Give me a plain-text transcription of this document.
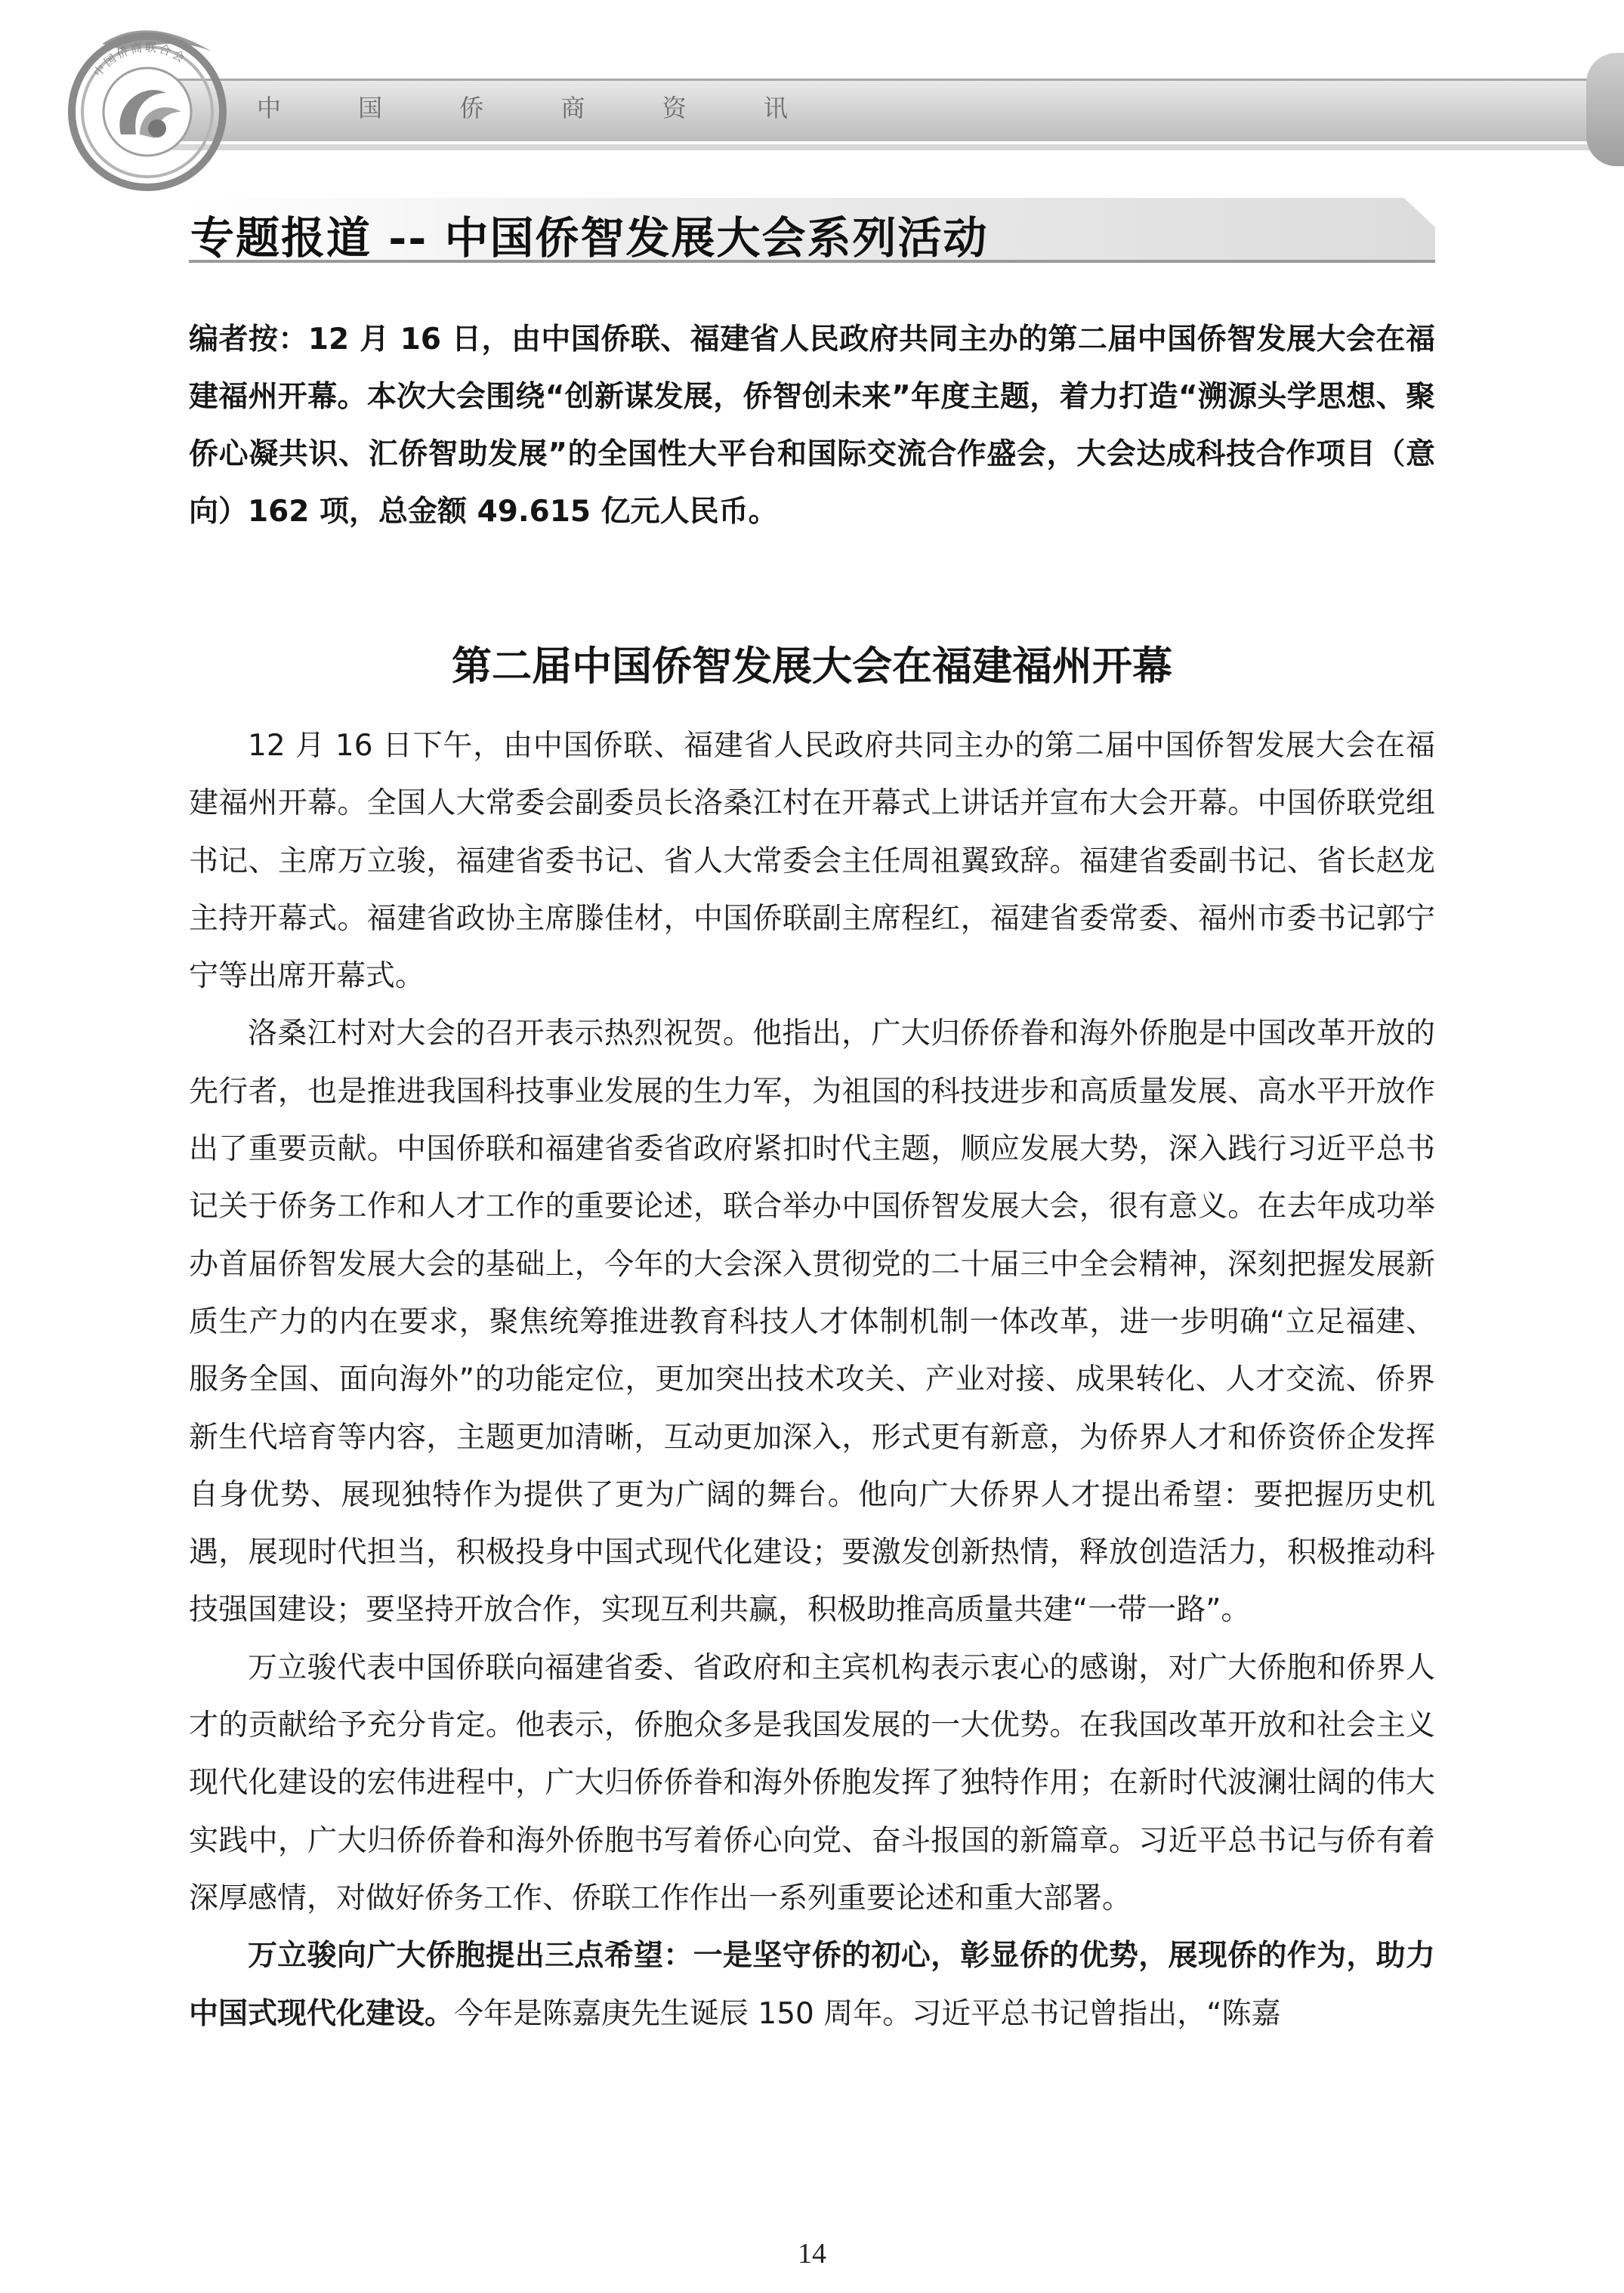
中 国 侨 商 资 讯
中国侨商联合会
专题报道 -- 中国侨智发展大会系列活动
编者按：12 月 16 日，由中国侨联、福建省人民政府共同主办的第二届中国侨智发展大会在福建福州开幕。本次大会围绕“创新谋发展，侨智创未来”年度主题，着力打造“溯源头学思想、聚侨心凝共识、汇侨智助发展”的全国性大平台和国际交流合作盛会，大会达成科技合作项目（意向）162 项，总金额 49.615 亿元人民币。
第二届中国侨智发展大会在福建福州开幕

12 月 16 日下午，由中国侨联、福建省人民政府共同主办的第二届中国侨智发展大会在福建福州开幕。全国人大常委会副委员长洛桑江村在开幕式上讲话并宣布大会开幕。中国侨联党组书记、主席万立骏，福建省委书记、省人大常委会主任周祖翼致辞。福建省委副书记、省长赵龙主持开幕式。福建省政协主席滕佳材，中国侨联副主席程红，福建省委常委、福州市委书记郭宁宁等出席开幕式。

洛桑江村对大会的召开表示热烈祝贺。他指出，广大归侨侨眷和海外侨胞是中国改革开放的先行者，也是推进我国科技事业发展的生力军，为祖国的科技进步和高质量发展、高水平开放作出了重要贡献。中国侨联和福建省委省政府紧扣时代主题，顺应发展大势，深入践行习近平总书记关于侨务工作和人才工作的重要论述，联合举办中国侨智发展大会，很有意义。在去年成功举办首届侨智发展大会的基础上，今年的大会深入贯彻党的二十届三中全会精神，深刻把握发展新质生产力的内在要求，聚焦统筹推进教育科技人才体制机制一体改革，进一步明确“立足福建、服务全国、面向海外”的功能定位，更加突出技术攻关、产业对接、成果转化、人才交流、侨界新生代培育等内容，主题更加清晰，互动更加深入，形式更有新意，为侨界人才和侨资侨企发挥自身优势、展现独特作为提供了更为广阔的舞台。他向广大侨界人才提出希望：要把握历史机遇，展现时代担当，积极投身中国式现代化建设；要激发创新热情，释放创造活力，积极推动科技强国建设；要坚持开放合作，实现互利共赢，积极助推高质量共建“一带一路”。

万立骏代表中国侨联向福建省委、省政府和主宾机构表示衷心的感谢，对广大侨胞和侨界人才的贡献给予充分肯定。他表示，侨胞众多是我国发展的一大优势。在我国改革开放和社会主义现代化建设的宏伟进程中，广大归侨侨眷和海外侨胞发挥了独特作用；在新时代波澜壮阔的伟大实践中，广大归侨侨眷和海外侨胞书写着侨心向党、奋斗报国的新篇章。习近平总书记与侨有着深厚感情，对做好侨务工作、侨联工作作出一系列重要论述和重大部署。

万立骏向广大侨胞提出三点希望：一是坚守侨的初心，彰显侨的优势，展现侨的作为，助力中国式现代化建设。今年是陈嘉庚先生诞辰 150 周年。习近平总书记曾指出，“陈嘉

14
